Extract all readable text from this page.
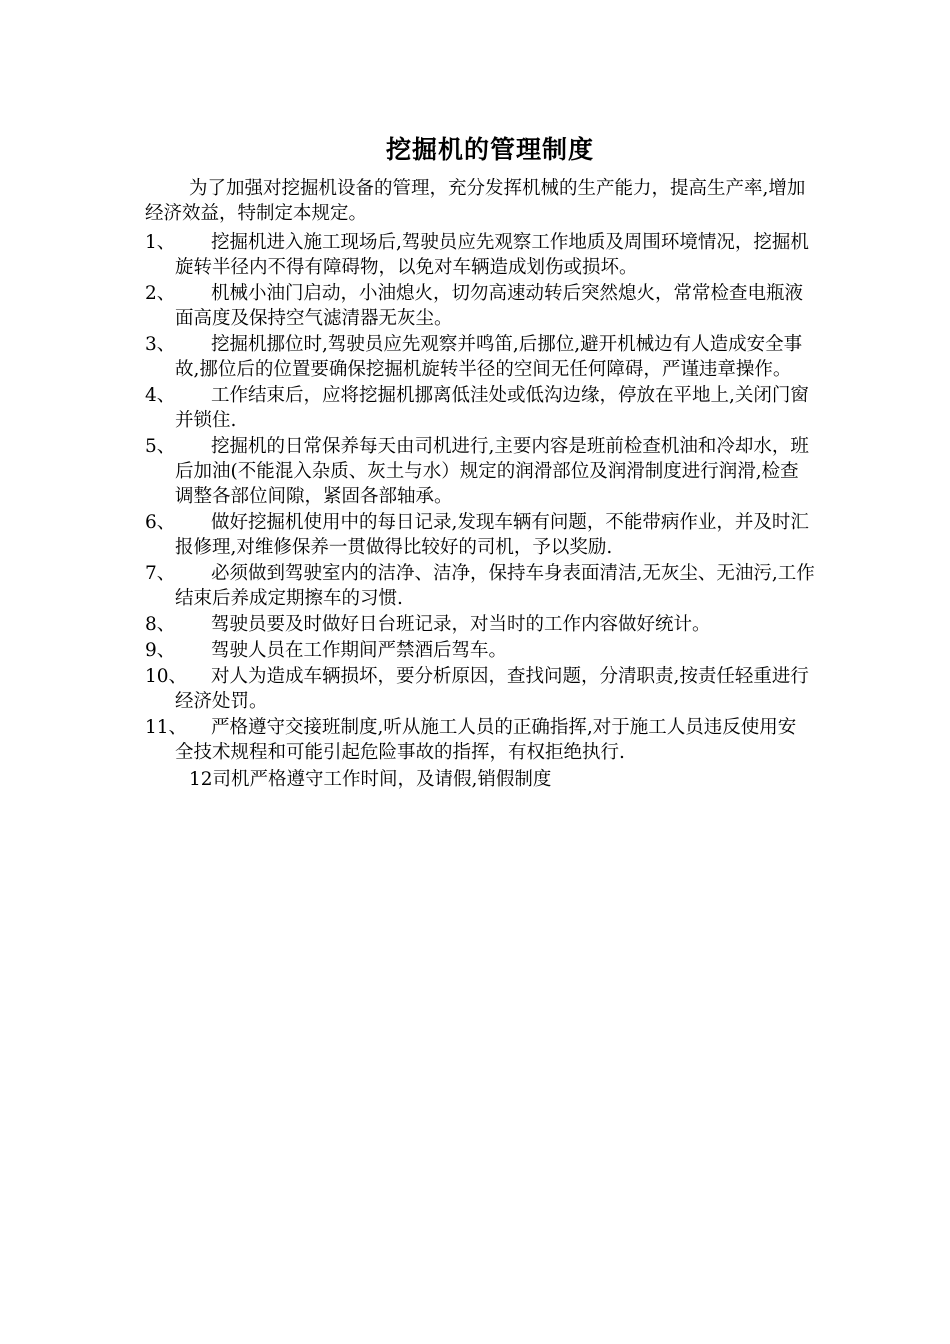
挖掘机的管理制度

为了加强对挖掘机设备的管理，充分发挥机械的生产能力，提高生产率,增加经济效益，特制定本规定。

1、	挖掘机进入施工现场后,驾驶员应先观察工作地质及周围环境情况，挖掘机旋转半径内不得有障碍物，以免对车辆造成划伤或损坏。
2、	机械小油门启动，小油熄火，切勿高速动转后突然熄火，常常检查电瓶液面高度及保持空气滤清器无灰尘。
3、	挖掘机挪位时,驾驶员应先观察并鸣笛,后挪位,避开机械边有人造成安全事故,挪位后的位置要确保挖掘机旋转半径的空间无任何障碍，严谨违章操作。
4、	工作结束后，应将挖掘机挪离低洼处或低沟边缘，停放在平地上,关闭门窗并锁住.
5、	挖掘机的日常保养每天由司机进行,主要内容是班前检查机油和冷却水，班后加油(不能混入杂质、灰土与水）规定的润滑部位及润滑制度进行润滑,检查调整各部位间隙，紧固各部轴承。
6、	做好挖掘机使用中的每日记录,发现车辆有问题，不能带病作业，并及时汇报修理,对维修保养一贯做得比较好的司机，予以奖励.
7、	必须做到驾驶室内的洁净、洁净，保持车身表面清洁,无灰尘、无油污,工作结束后养成定期擦车的习惯.
8、	驾驶员要及时做好日台班记录，对当时的工作内容做好统计。
9、	驾驶人员在工作期间严禁酒后驾车。
10、	对人为造成车辆损坏，要分析原因，查找问题，分清职责,按责任轻重进行经济处罚。
11、	严格遵守交接班制度,听从施工人员的正确指挥,对于施工人员违反使用安全技术规程和可能引起危险事故的指挥，有权拒绝执行.
12司机严格遵守工作时间，及请假,销假制度
